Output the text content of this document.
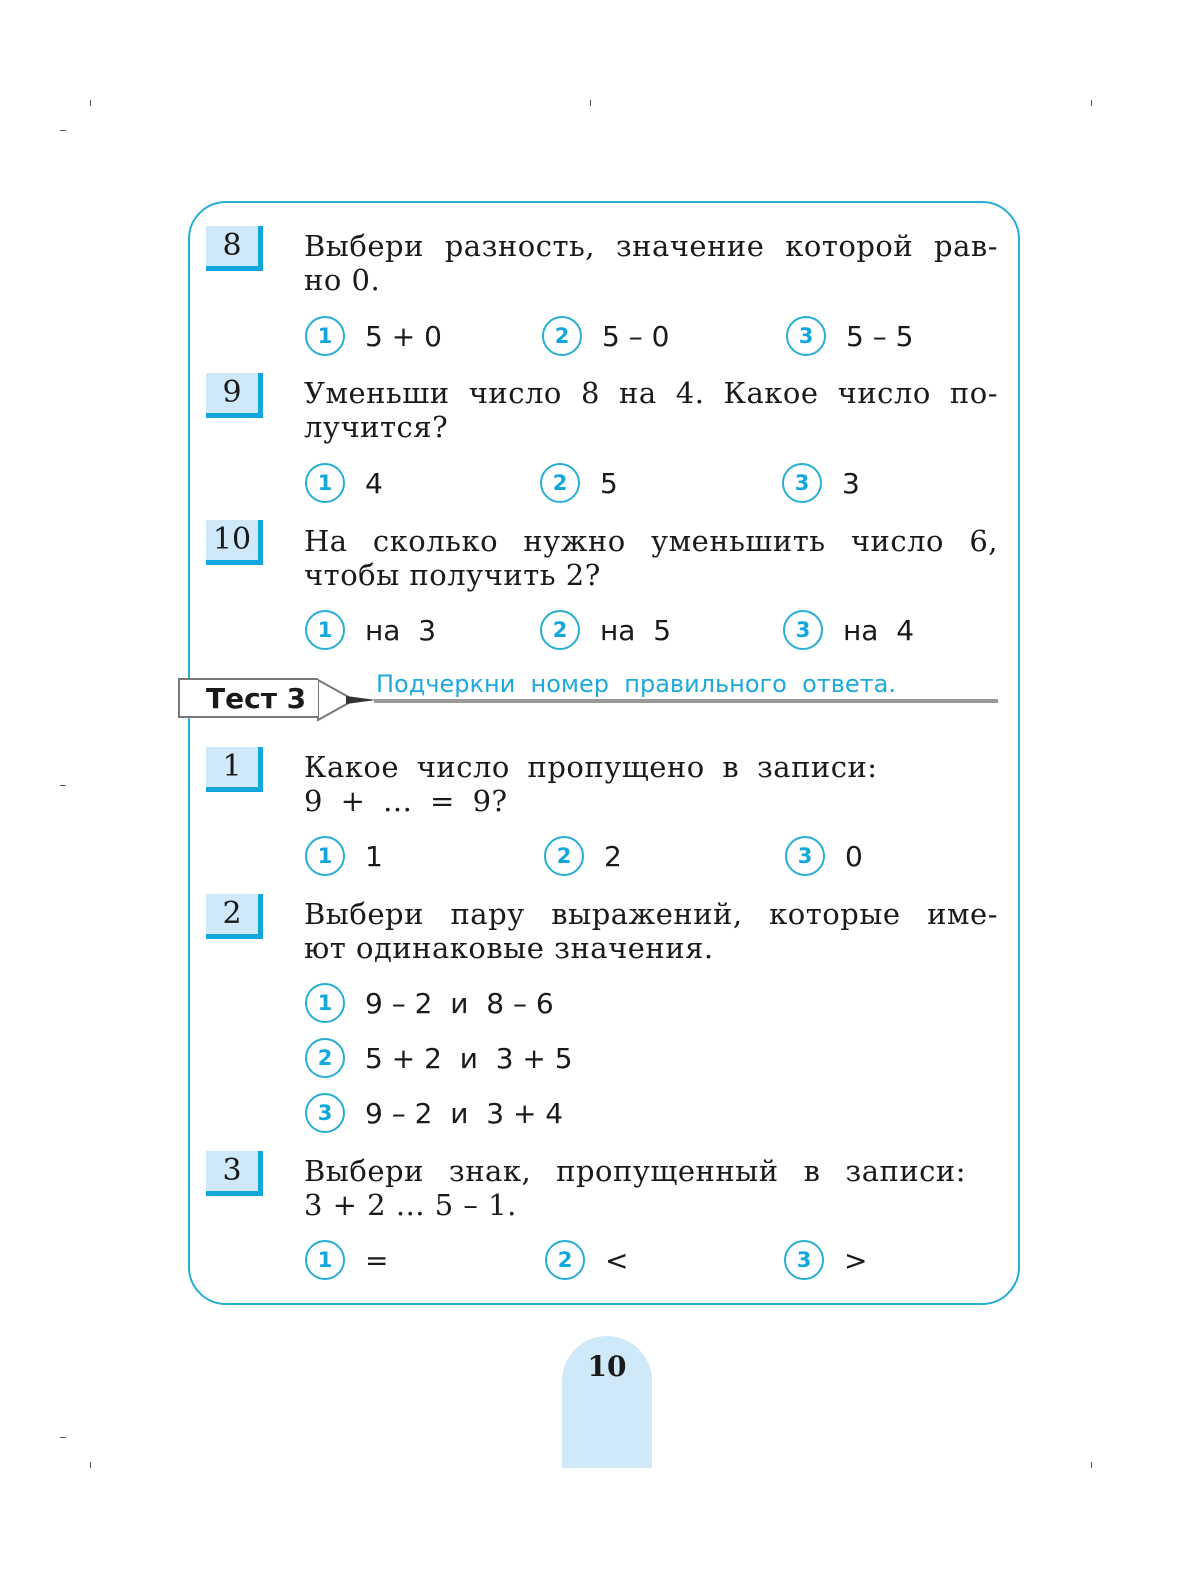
8	Выбери разность, значение которой рав-
но 0.
1	5 + 0	2	5 – 0	3	5 – 5
9	Уменьши число 8 на 4. Какое число по-
лучится?
1	4	2	5	3	3
10	На сколько нужно уменьшить число 6,
чтобы получить 2?
1	на  3	2	на  5	3	на  4
Тест 3	Подчеркни  номер  правильного  ответа.
1	Какое число пропущено в записи:
9 + ... = 9?
1	1	2	2	3	0
2	Выбери пару выражений, которые име-
ют одинаковые значения.
1	9 – 2  и  8 – 6
2	5 + 2  и  3 + 5
3	9 – 2  и  3 + 4
3	Выбери знак, пропущенный в записи:
3 + 2 ... 5 – 1.
1	=	2	<	3	>
10
